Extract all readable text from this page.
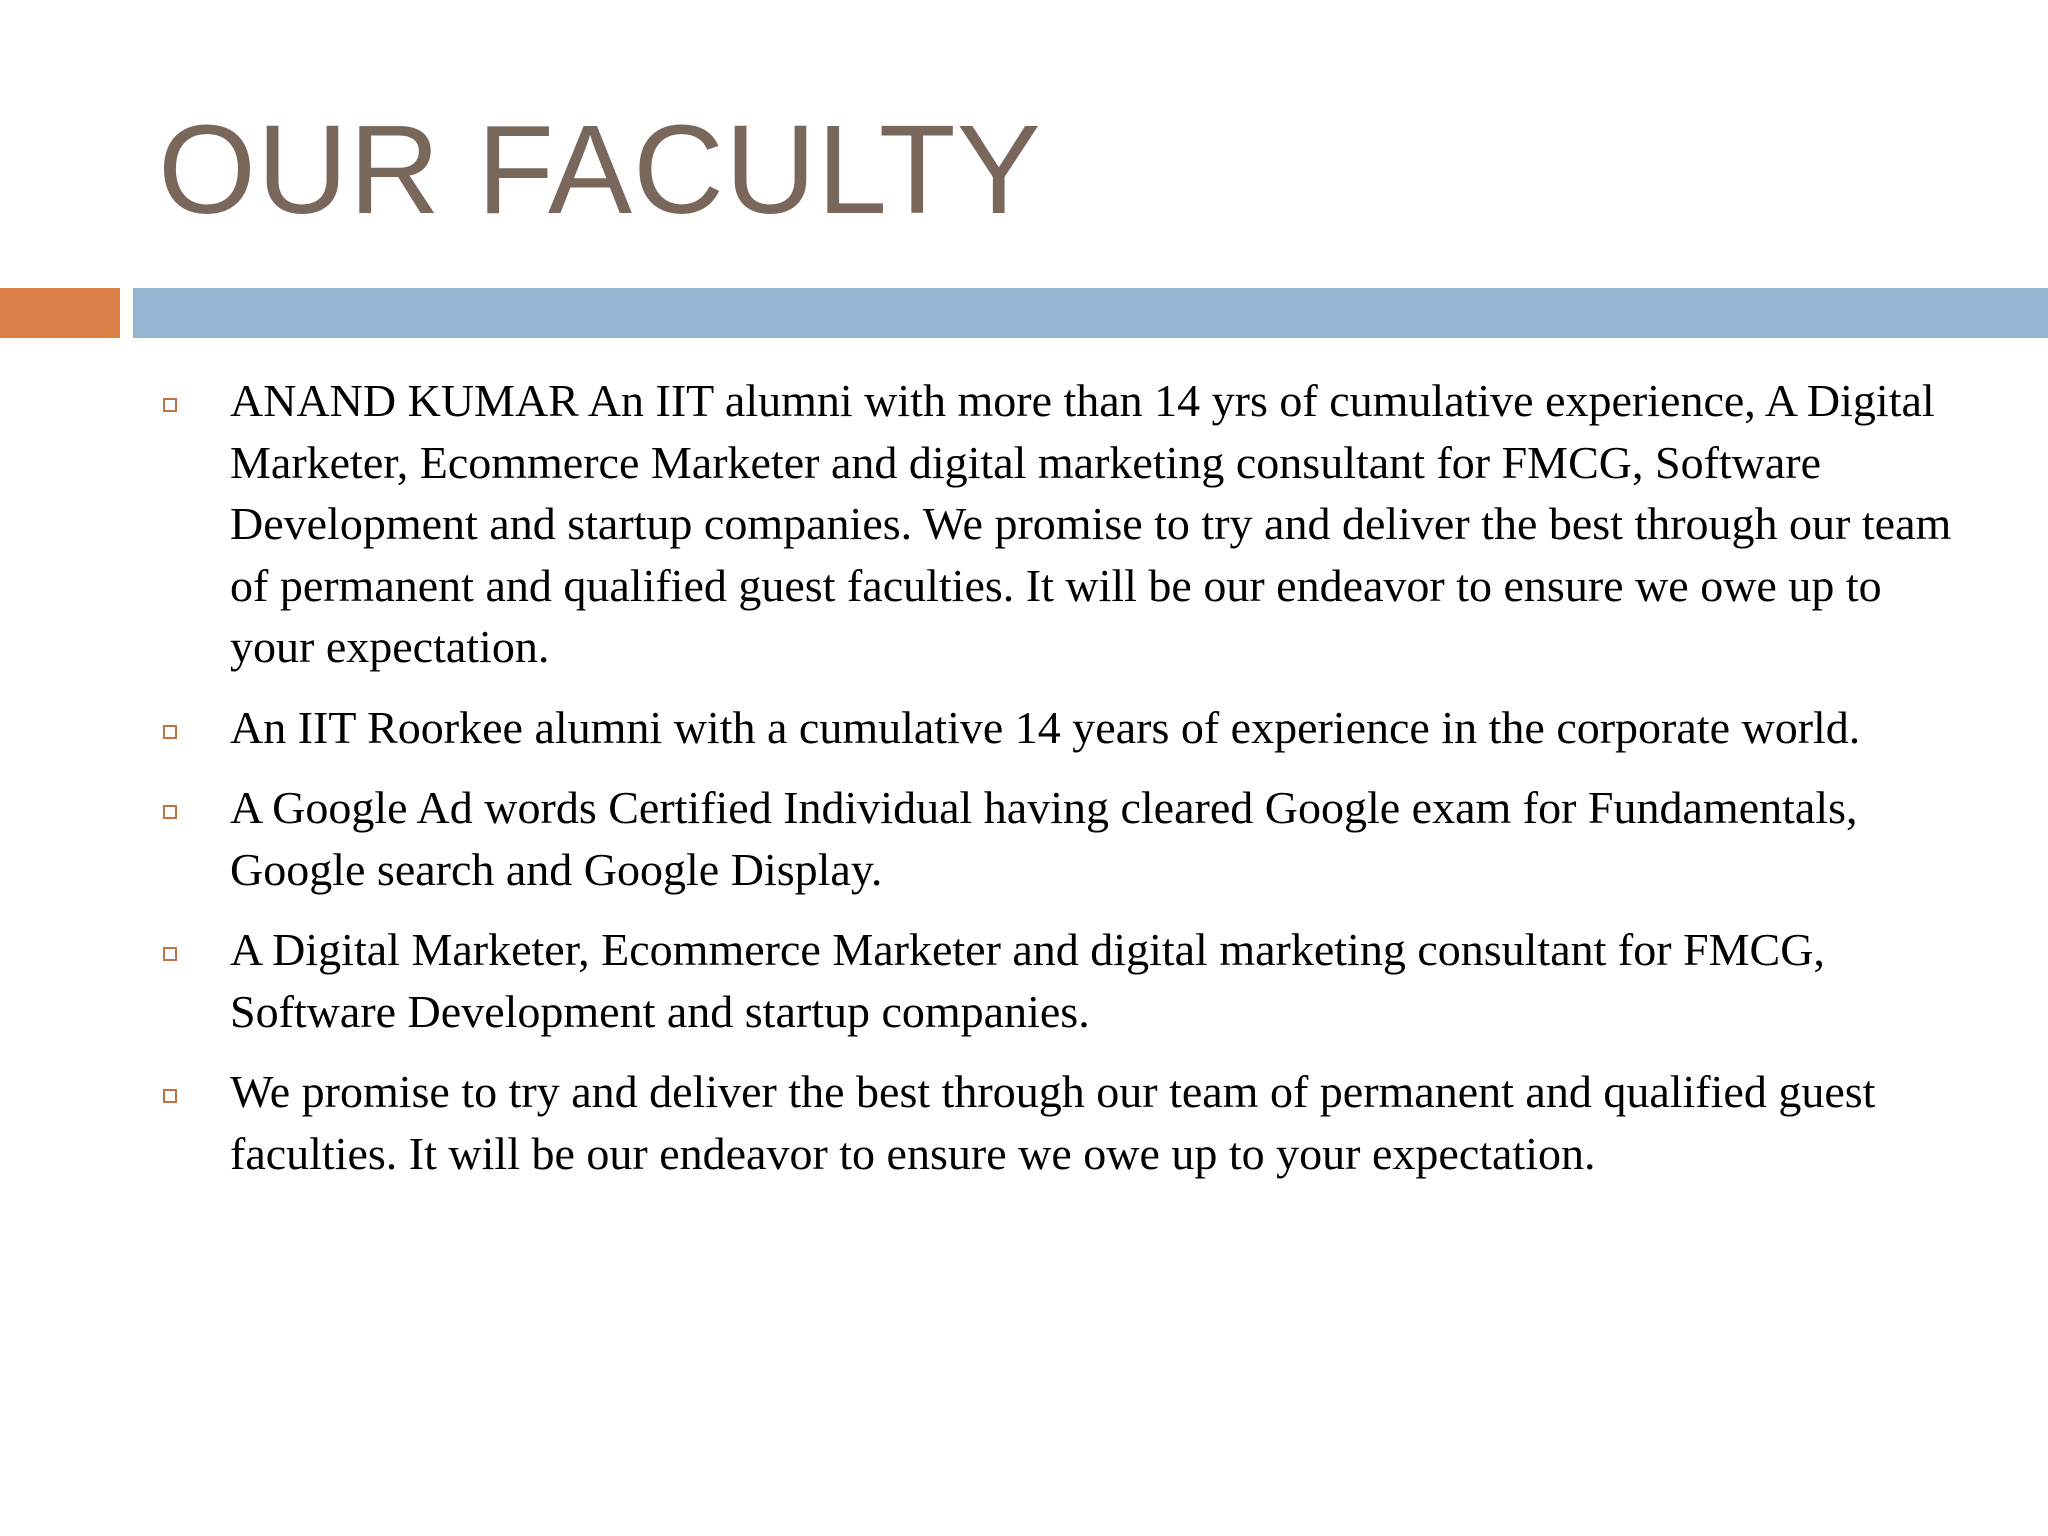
OUR FACULTY
ANAND KUMAR An IIT alumni with more than 14 yrs of cumulative experience, A Digital Marketer, Ecommerce Marketer and digital marketing consultant for FMCG, Software Development and startup companies. We promise to try and deliver the best through our team of permanent and qualified guest faculties. It will be our endeavor to ensure we owe up to your expectation.
An IIT Roorkee alumni with a cumulative 14 years of experience in the corporate world.
A Google Ad words Certified Individual having cleared Google exam for Fundamentals, Google search and Google Display.
A Digital Marketer, Ecommerce Marketer and digital marketing consultant for FMCG, Software Development and startup companies.
We promise to try and deliver the best through our team of permanent and qualified guest faculties. It will be our endeavor to ensure we owe up to your expectation.
